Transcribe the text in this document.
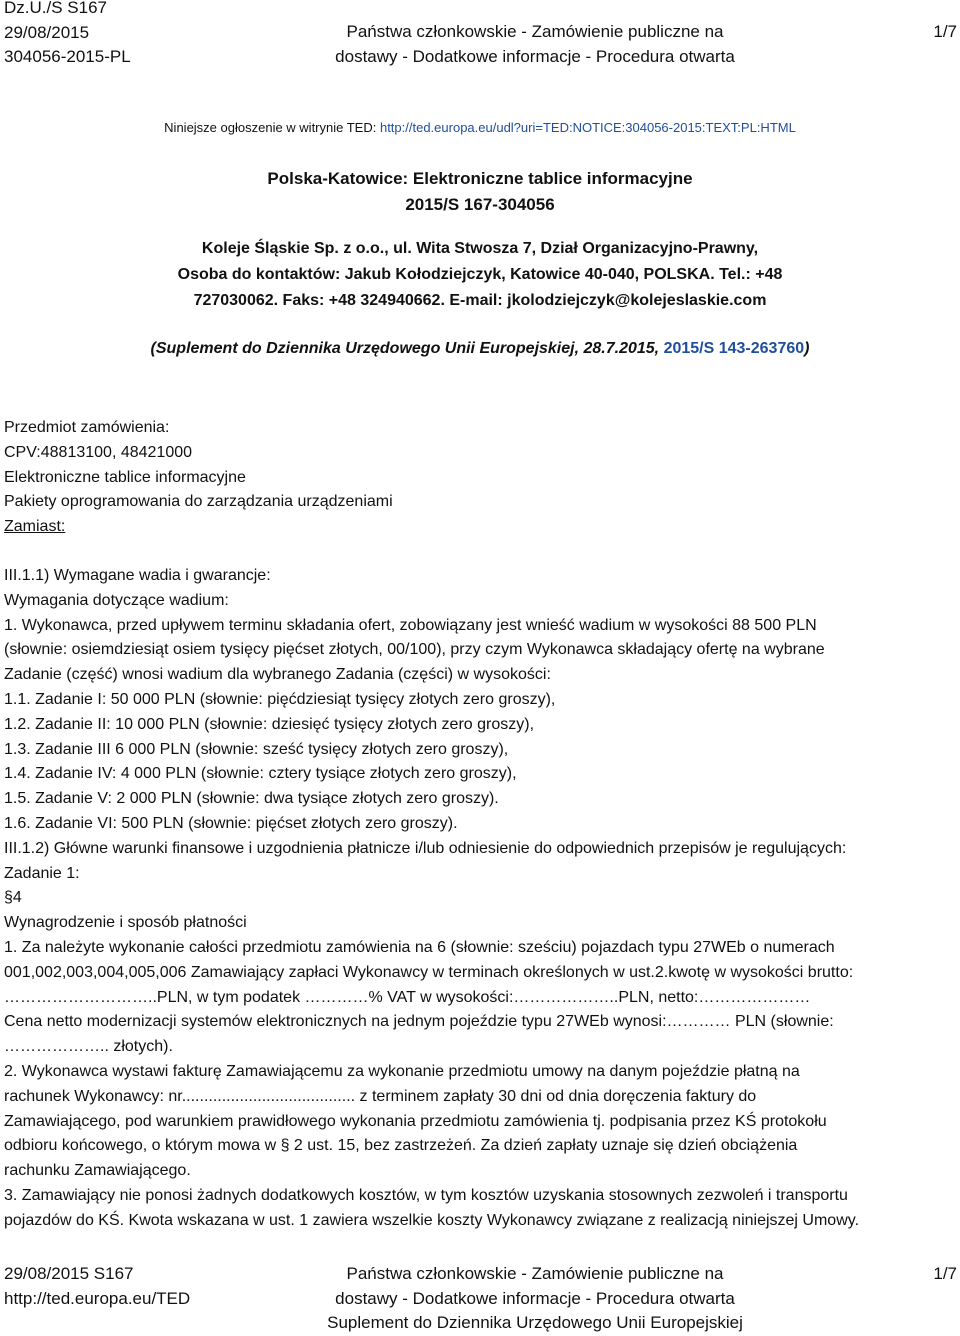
Dz.U./S S167
29/08/2015
304056-2015-PL
Państwa członkowskie - Zamówienie publiczne na
dostawy - Dodatkowe informacje - Procedura otwarta
1/7
Niniejsze ogłoszenie w witrynie TED: http://ted.europa.eu/udl?uri=TED:NOTICE:304056-2015:TEXT:PL:HTML
Polska-Katowice: Elektroniczne tablice informacyjne
2015/S 167-304056
Koleje Śląskie Sp. z o.o., ul. Wita Stwosza 7, Dział Organizacyjno-Prawny,
Osoba do kontaktów: Jakub Kołodziejczyk, Katowice 40-040, POLSKA. Tel.: +48
727030062. Faks: +48 324940662. E-mail: jkolodziejczyk@kolejeslaskie.com
(Suplement do Dziennika Urzędowego Unii Europejskiej, 28.7.2015, 2015/S 143-263760)

Przedmiot zamówienia:

CPV:48813100, 48421000

Elektroniczne tablice informacyjne

Pakiety oprogramowania do zarządzania urządzeniami

Zamiast:

III.1.1) Wymagane wadia i gwarancje:

Wymagania dotyczące wadium:

1. Wykonawca, przed upływem terminu składania ofert, zobowiązany jest wnieść wadium w wysokości 88 500 PLN

(słownie: osiemdziesiąt osiem tysięcy pięćset złotych, 00/100), przy czym Wykonawca składający ofertę na wybrane

Zadanie (część) wnosi wadium dla wybranego Zadania (części) w wysokości:

1.1. Zadanie I: 50 000 PLN (słownie: pięćdziesiąt tysięcy złotych zero groszy),

1.2. Zadanie II: 10 000 PLN (słownie: dziesięć tysięcy złotych zero groszy),

1.3. Zadanie III 6 000 PLN (słownie: sześć tysięcy złotych zero groszy),

1.4. Zadanie IV: 4 000 PLN (słownie: cztery tysiące złotych zero groszy),

1.5. Zadanie V: 2 000 PLN (słownie: dwa tysiące złotych zero groszy).

1.6. Zadanie VI: 500 PLN (słownie: pięćset złotych zero groszy).

III.1.2) Główne warunki finansowe i uzgodnienia płatnicze i/lub odniesienie do odpowiednich przepisów je regulujących:

Zadanie 1:

§4

Wynagrodzenie i sposób płatności

1. Za należyte wykonanie całości przedmiotu zamówienia na 6 (słownie: sześciu) pojazdach typu 27WEb o numerach

001,002,003,004,005,006 Zamawiający zapłaci Wykonawcy w terminach określonych w ust.2.kwotę w wysokości brutto:

………………………..PLN, w tym podatek …………% VAT w wysokości:………………..PLN, netto:…………………

Cena netto modernizacji systemów elektronicznych na jednym pojeździe typu 27WEb wynosi:………… PLN (słownie:

……………….. złotych).

2. Wykonawca wystawi fakturę Zamawiającemu za wykonanie przedmiotu umowy na danym pojeździe płatną na

rachunek Wykonawcy: nr....................................... z terminem zapłaty 30 dni od dnia doręczenia faktury do

Zamawiającego, pod warunkiem prawidłowego wykonania przedmiotu zamówienia tj. podpisania przez KŚ protokołu

odbioru końcowego, o którym mowa w § 2 ust. 15, bez zastrzeżeń. Za dzień zapłaty uznaje się dzień obciążenia

rachunku Zamawiającego.

3. Zamawiający nie ponosi żadnych dodatkowych kosztów, w tym kosztów uzyskania stosownych zezwoleń i transportu

pojazdów do KŚ. Kwota wskazana w ust. 1 zawiera wszelkie koszty Wykonawcy związane z realizacją niniejszej Umowy.

29/08/2015 S167
http://ted.europa.eu/TED
Państwa członkowskie - Zamówienie publiczne na
dostawy - Dodatkowe informacje - Procedura otwarta
Suplement do Dziennika Urzędowego Unii Europejskiej
1/7
